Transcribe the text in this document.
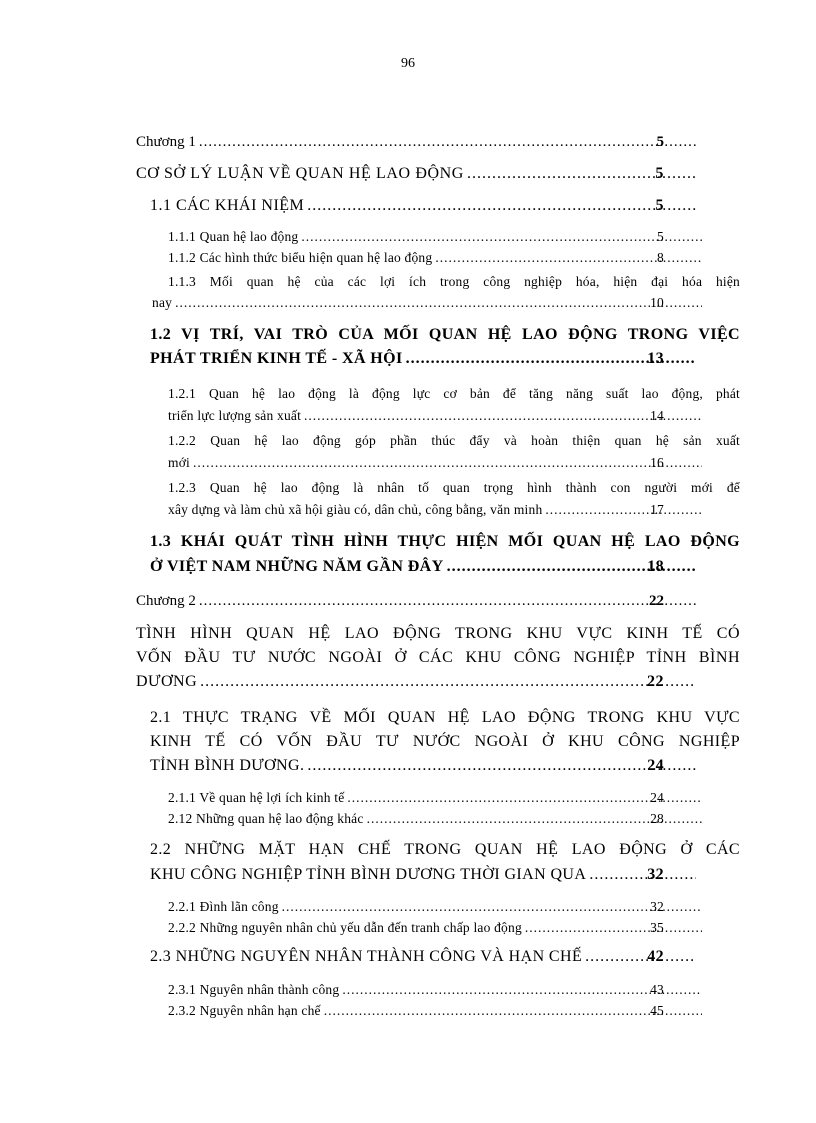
96
Chương 1 .....	5
CƠ SỞ LÝ LUẬN VỀ QUAN HỆ LAO ĐỘNG .....	5
1.1 CÁC KHÁI NIỆM .....	5
1.1.1 Quan hệ lao động .....	5
1.1.2 Các hình thức biểu hiện quan hệ lao động .....	8
1.1.3 Mối quan hệ của các lợi ích trong công nghiệp hóa, hiện đại hóa hiện
nay .....	10
1.2 VỊ TRÍ, VAI TRÒ CỦA MỐI QUAN HỆ LAO ĐỘNG TRONG VIỆC
PHÁT TRIỂN KINH TẾ - XÃ HỘI .....	13
1.2.1 Quan hệ lao động là động lực cơ bản để tăng năng suất lao động, phát
triển lực lượng sản xuất .....	14
1.2.2 Quan hệ lao động góp phần thúc đẩy và hoàn thiện quan hệ sản xuất
mới .....	16
1.2.3 Quan hệ lao động là nhân tố quan trọng hình thành con người mới để
xây dựng và làm chủ xã hội giàu có, dân chủ, công bằng, văn minh .....	17
1.3 KHÁI QUÁT TÌNH HÌNH THỰC HIỆN MỐI QUAN HỆ LAO ĐỘNG
Ở VIỆT NAM NHỮNG NĂM GẦN ĐÂY .....	18
Chương 2 .....	22
TÌNH HÌNH QUAN HỆ LAO ĐỘNG TRONG KHU VỰC KINH TẾ CÓ
VỐN ĐẦU TƯ NƯỚC NGOÀI Ở CÁC KHU CÔNG NGHIỆP TỈNH BÌNH
DƯƠNG .....	22
2.1 THỰC TRẠNG VỀ MỐI QUAN HỆ LAO ĐỘNG TRONG KHU VỰC
KINH TẾ CÓ VỐN ĐẦU TƯ NƯỚC NGOÀI Ở KHU CÔNG NGHIỆP
TỈNH BÌNH DƯƠNG. .....	24
2.1.1 Về quan hệ lợi ích kinh tế .....	24
2.12 Những quan hệ lao động khác .....	28
2.2 NHỮNG MẶT HẠN CHẾ TRONG QUAN HỆ LAO ĐỘNG Ở CÁC
KHU CÔNG NGHIỆP TỈNH BÌNH DƯƠNG THỜI GIAN QUA .....	32
2.2.1 Đình lãn công .....	32
2.2.2 Những nguyên nhân chủ yếu dẫn đến tranh chấp lao động .....	35
2.3 NHỮNG NGUYÊN NHÂN THÀNH CÔNG VÀ HẠN CHẾ .....	42
2.3.1 Nguyên nhân thành công .....	43
2.3.2 Nguyên nhân hạn chế .....	45
